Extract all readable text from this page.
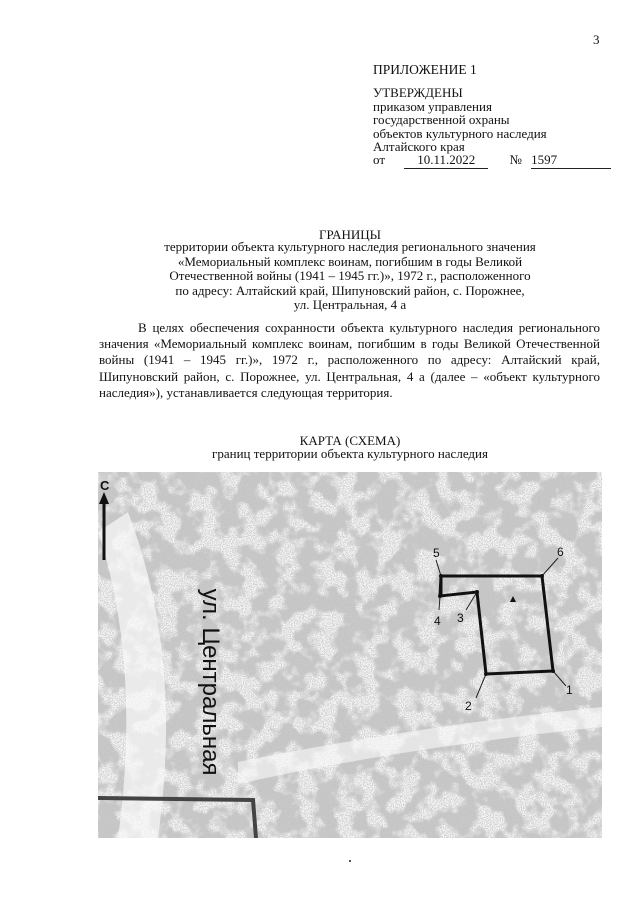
3
ПРИЛОЖЕНИЕ 1
УТВЕРЖДЕНЫ
приказом управления
государственной охраны
объектов культурного наследия
Алтайского края
от 10.11.2022	№ 1597
ГРАНИЦЫ
территории объекта культурного наследия регионального значения
«Мемориальный комплекс воинам, погибшим в годы Великой
Отечественной войны (1941 – 1945 гг.)», 1972 г., расположенного
по адресу: Алтайский край, Шипуновский район, с. Порожнее,
ул. Центральная, 4 а
В целях обеспечения сохранности объекта культурного наследия регионального значения «Мемориальный комплекс воинам, погибшим в годы Великой Отечественной войны (1941 – 1945 гг.)», 1972 г., расположенного по адресу: Алтайский край, Шипуновский район, с. Порожнее, ул. Центральная, 4 а (далее – «объект культурного наследия»), устанавливается следующая территория.
КАРТА (СХЕМА)
границ территории объекта культурного наследия
1
2
3
4
5	6
С
ул. Центральная
